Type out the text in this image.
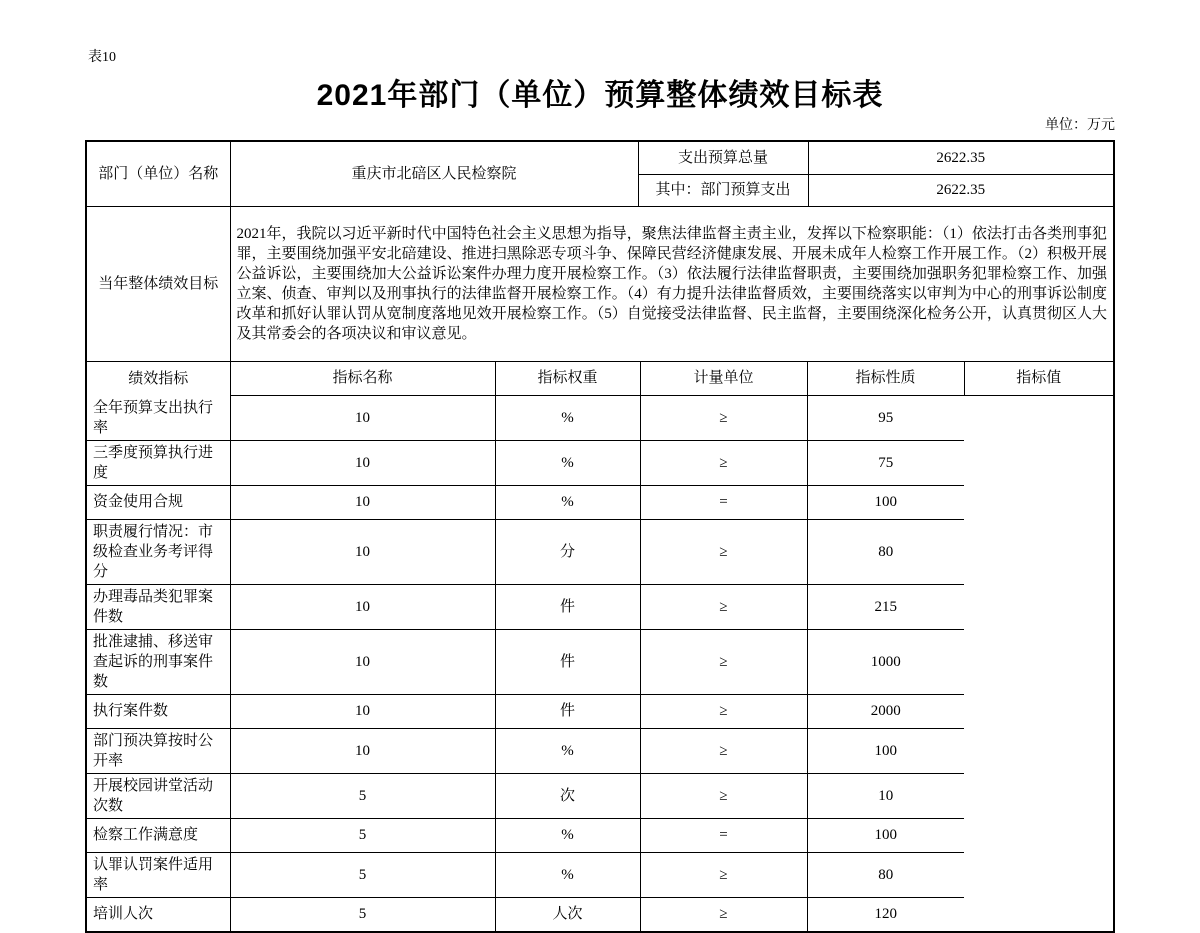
表10
2021年部门（单位）预算整体绩效目标表
单位：万元
部门（单位）名称	重庆市北碚区人民检察院	支出预算总量	2622.35
		其中：部门预算支出	2622.35
当年整体绩效目标	2021年，我院以习近平新时代中国特色社会主义思想为指导，聚焦法律监督主责主业，发挥以下检察职能：（1）依法打击各类刑事犯罪，主要围绕加强平安北碚建设、推进扫黑除恶专项斗争、保障民营经济健康发展、开展未成年人检察工作开展工作。（2）积极开展公益诉讼，主要围绕加大公益诉讼案件办理力度开展检察工作。（3）依法履行法律监督职责，主要围绕加强职务犯罪检察工作、加强立案、侦查、审判以及刑事执行的法律监督开展检察工作。（4）有力提升法律监督质效，主要围绕落实以审判为中心的刑事诉讼制度改革和抓好认罪认罚从宽制度落地见效开展检察工作。（5）自觉接受法律监督、民主监督，主要围绕深化检务公开，认真贯彻区人大及其常委会的各项决议和审议意见。
绩效指标	指标名称	指标权重	计量单位	指标性质	指标值
全年预算支出执行率	10	%	≥	95	
三季度预算执行进度	10	%	≥	75	
资金使用合规	10	%	=	100	
职责履行情况：市级检查业务考评得分	10	分	≥	80	
办理毒品类犯罪案件数	10	件	≥	215	
批准逮捕、移送审查起诉的刑事案件数	10	件	≥	1000	
执行案件数	10	件	≥	2000	
部门预决算按时公开率	10	%	≥	100	
开展校园讲堂活动次数	5	次	≥	10	
检察工作满意度	5	%	=	100	
认罪认罚案件适用率	5	%	≥	80	
培训人次	5	人次	≥	120	
